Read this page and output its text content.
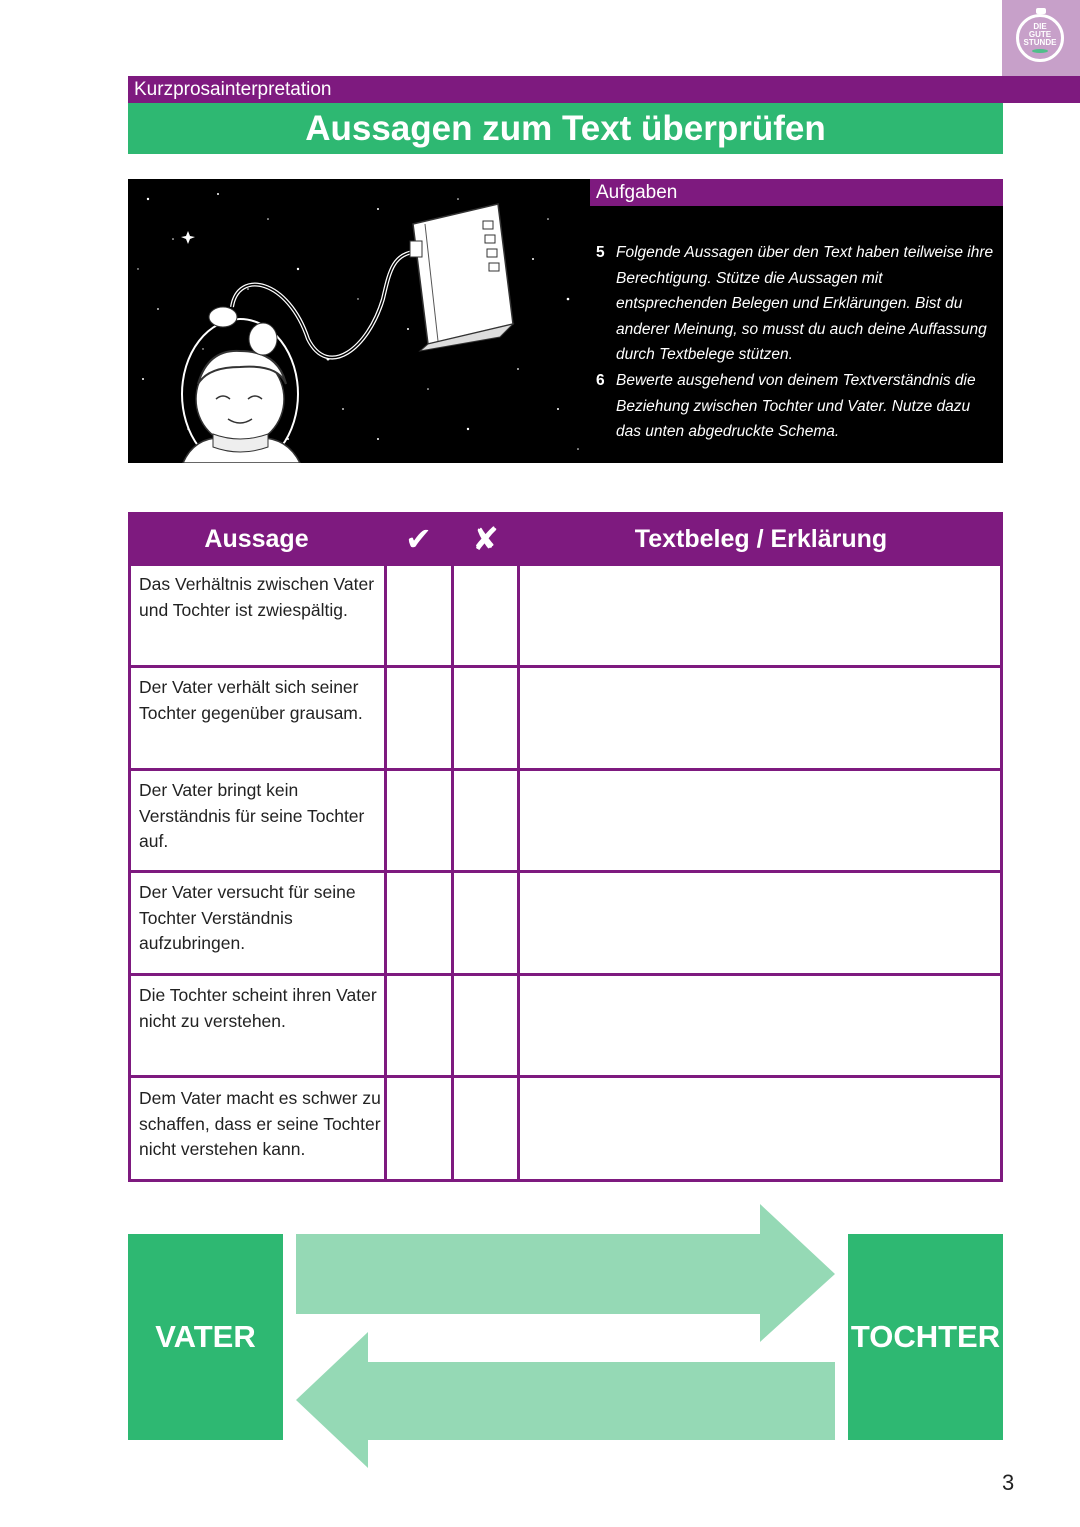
DIE
GUTE
STUNDE
Kurzprosainterpretation
Aussagen zum Text überprüfen
Aufgaben
5 Folgende Aussagen über den Text haben teilweise ihre Berechtigung. Stütze die Aussagen mit entsprechenden Belegen und Erklärungen. Bist du anderer Meinung, so musst du auch deine Auffassung durch Textbelege stützen.
6 Bewerte ausgehend von deinem Textverständnis die Beziehung zwischen Tochter und Vater. Nutze dazu das unten abgedruckte Schema.
Aussage	✔	✘	Textbeleg / Erklärung
Das Verhältnis zwischen Vater und Tochter ist zwiespältig.
Der Vater verhält sich seiner Tochter gegenüber grausam.
Der Vater bringt kein Verständnis für seine Tochter auf.
Der Vater versucht für seine Tochter Verständnis aufzubringen.
Die Tochter scheint ihren Vater nicht zu verstehen.
Dem Vater macht es schwer zu schaffen, dass er seine Tochter nicht verstehen kann.
VATER	TOCHTER
3
